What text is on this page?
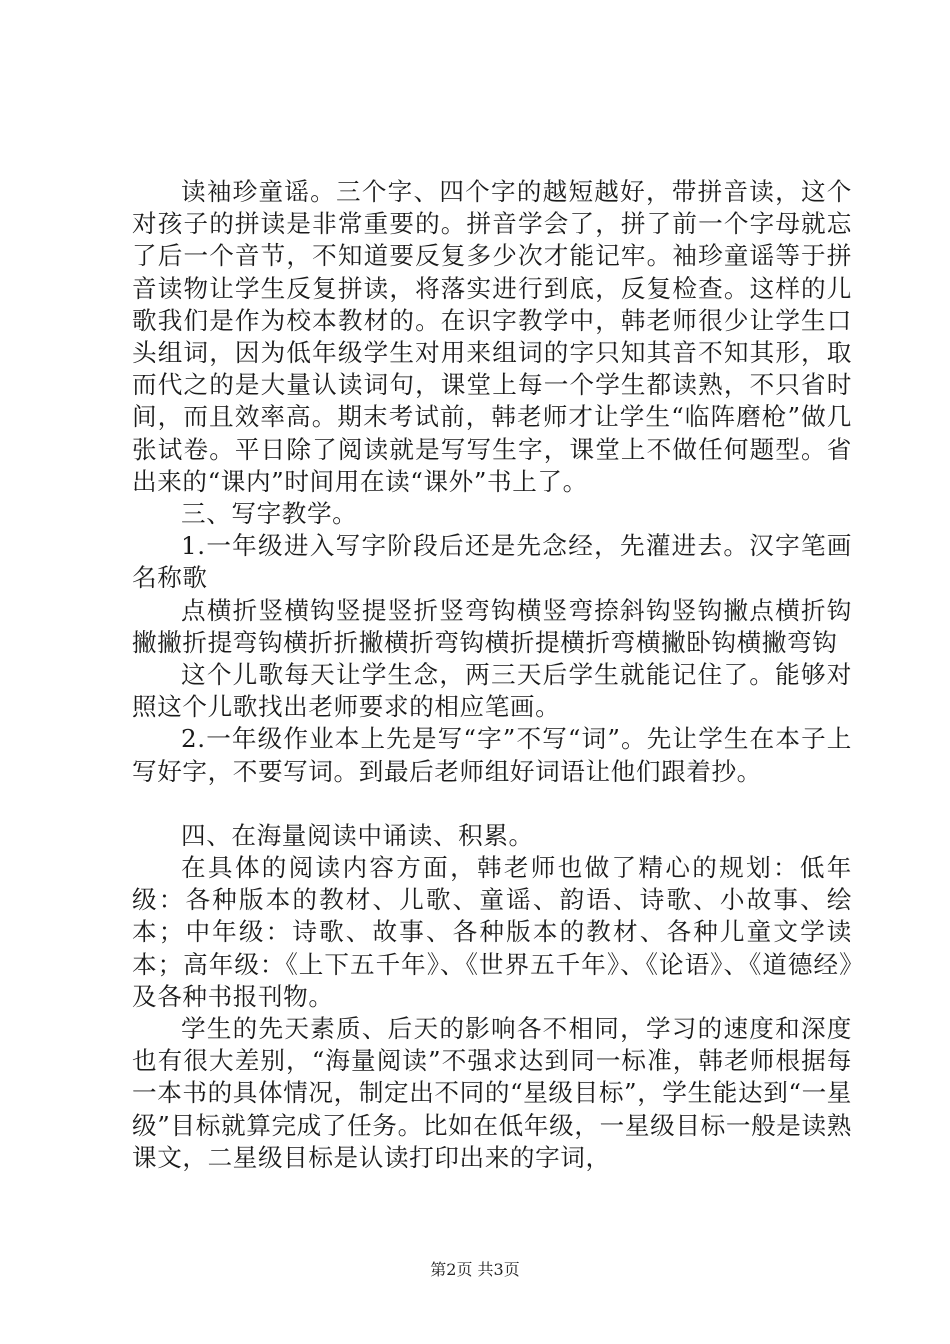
读袖珍童谣。三个字、四个字的越短越好，带拼音读，这个对孩子的拼读是非常重要的。拼音学会了，拼了前一个字母就忘了后一个音节，不知道要反复多少次才能记牢。袖珍童谣等于拼音读物让学生反复拼读，将落实进行到底，反复检查。这样的儿歌我们是作为校本教材的。在识字教学中，韩老师很少让学生口头组词，因为低年级学生对用来组词的字只知其音不知其形，取而代之的是大量认读词句，课堂上每一个学生都读熟，不只省时间，而且效率高。期末考试前，韩老师才让学生“临阵磨枪”做几张试卷。平日除了阅读就是写写生字，课堂上不做任何题型。省出来的“课内”时间用在读“课外”书上了。

三、写字教学。

1.一年级进入写字阶段后还是先念经，先灌进去。汉字笔画名称歌

点横折竖横钩竖提竖折竖弯钩横竖弯捺斜钩竖钩撇点横折钩撇撇折提弯钩横折折撇横折弯钩横折提横折弯横撇卧钩横撇弯钩

这个儿歌每天让学生念，两三天后学生就能记住了。能够对照这个儿歌找出老师要求的相应笔画。

2.一年级作业本上先是写“字”不写“词”。先让学生在本子上写好字，不要写词。到最后老师组好词语让他们跟着抄。

四、在海量阅读中诵读、积累。

在具体的阅读内容方面，韩老师也做了精心的规划：低年级：各种版本的教材、儿歌、童谣、韵语、诗歌、小故事、绘本；中年级：诗歌、故事、各种版本的教材、各种儿童文学读本；高年级：《上下五千年》、《世界五千年》、《论语》、《道德经》及各种书报刊物。

学生的先天素质、后天的影响各不相同，学习的速度和深度也有很大差别，“海量阅读”不强求达到同一标准，韩老师根据每一本书的具体情况，制定出不同的“星级目标”，学生能达到“一星级”目标就算完成了任务。比如在低年级，一星级目标一般是读熟课文，二星级目标是认读打印出来的字词，

第2页 共3页
